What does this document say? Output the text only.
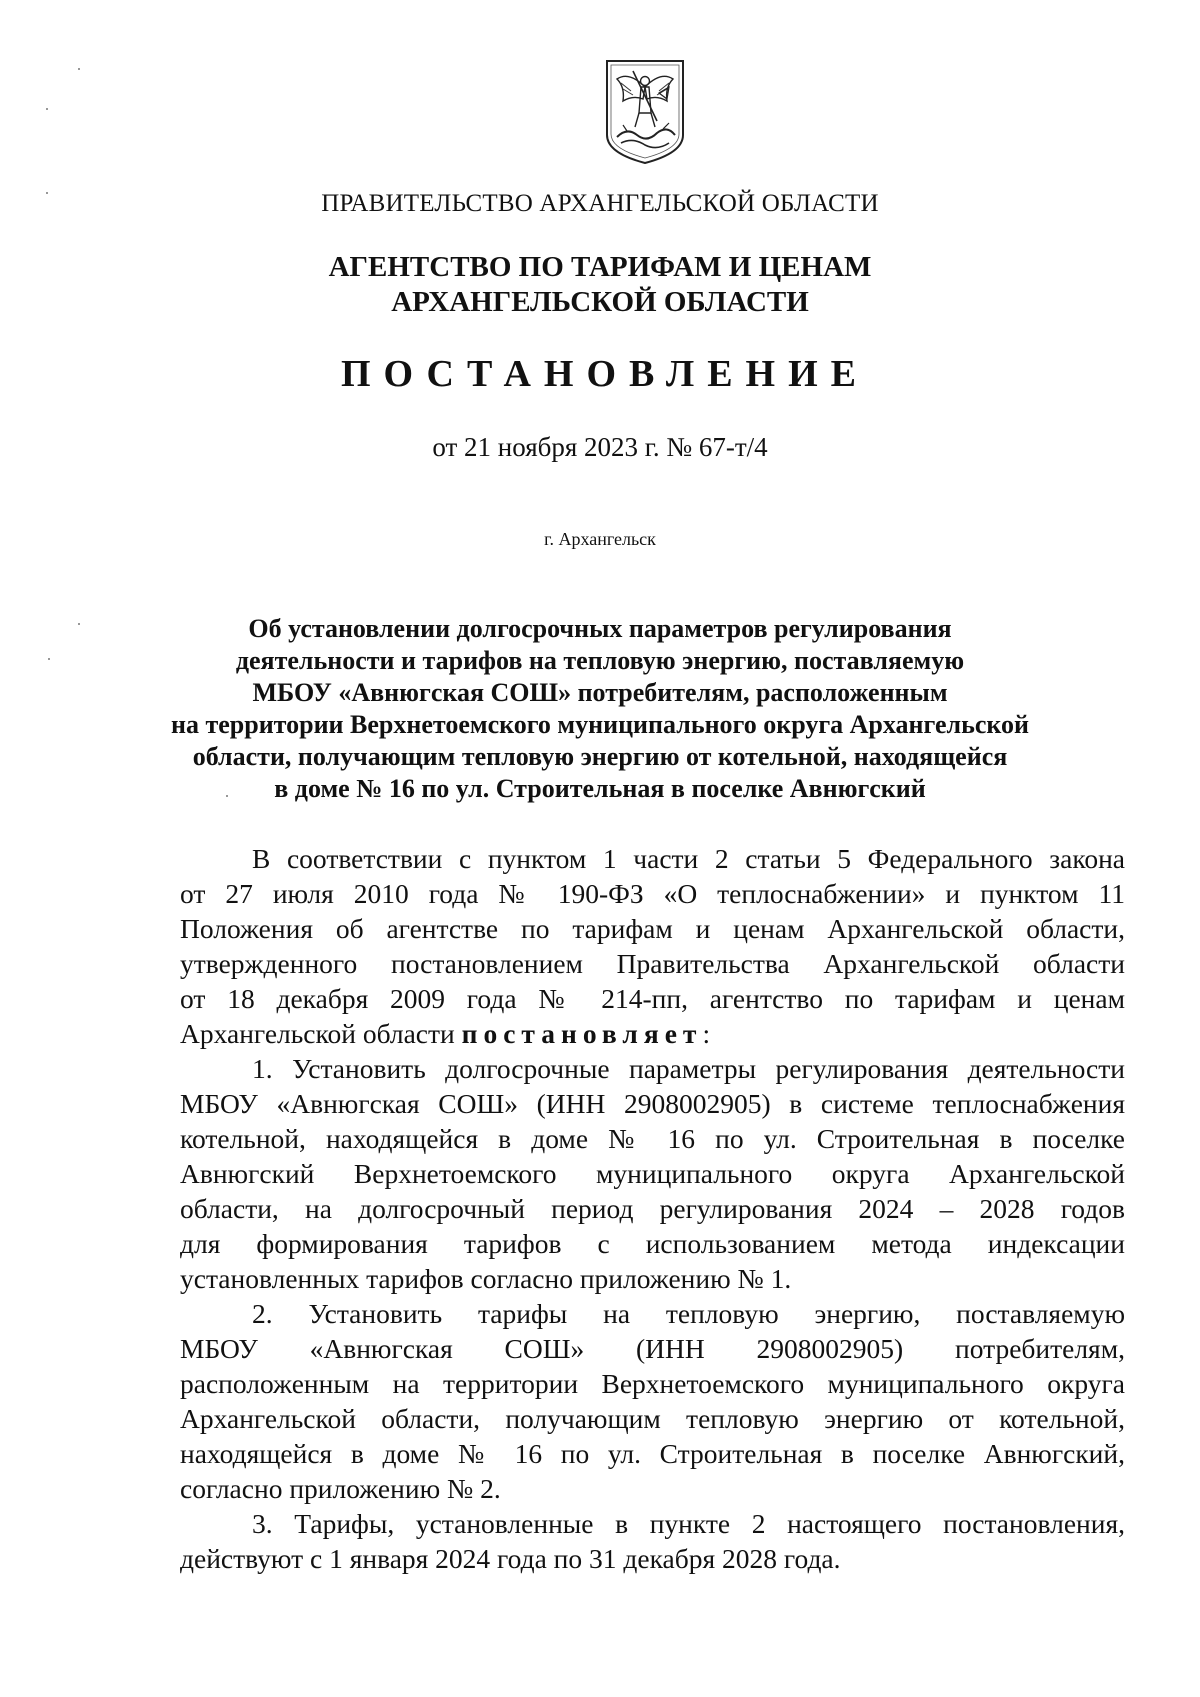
ПРАВИТЕЛЬСТВО АРХАНГЕЛЬСКОЙ ОБЛАСТИ
АГЕНТСТВО ПО ТАРИФАМ И ЦЕНАМ
АРХАНГЕЛЬСКОЙ ОБЛАСТИ
ПОСТАНОВЛЕНИЕ
от 21 ноября 2023 г. № 67-т/4
г. Архангельск
Об установлении долгосрочных параметров регулирования
деятельности и тарифов на тепловую энергию, поставляемую
МБОУ «Авнюгская СОШ» потребителям, расположенным
на территории Верхнетоемского муниципального округа Архангельской
области, получающим тепловую энергию от котельной, находящейся
в доме № 16 по ул. Строительная в поселке Авнюгский
В соответствии с пунктом 1 части 2 статьи 5 Федерального закона
от 27 июля 2010 года № 190-ФЗ «О теплоснабжении» и пунктом 11
Положения об агентстве по тарифам и ценам Архангельской области,
утвержденного постановлением Правительства Архангельской области
от 18 декабря 2009 года № 214-пп, агентство по тарифам и ценам
Архангельской области постановляет:
1. Установить долгосрочные параметры регулирования деятельности
МБОУ «Авнюгская СОШ» (ИНН 2908002905) в системе теплоснабжения
котельной, находящейся в доме № 16 по ул. Строительная в поселке
Авнюгский Верхнетоемского муниципального округа Архангельской
области, на долгосрочный период регулирования 2024 – 2028 годов
для формирования тарифов с использованием метода индексации
установленных тарифов согласно приложению № 1.
2. Установить тарифы на тепловую энергию, поставляемую
МБОУ «Авнюгская СОШ» (ИНН 2908002905) потребителям,
расположенным на территории Верхнетоемского муниципального округа
Архангельской области, получающим тепловую энергию от котельной,
находящейся в доме № 16 по ул. Строительная в поселке Авнюгский,
согласно приложению № 2.
3. Тарифы, установленные в пункте 2 настоящего постановления,
действуют с 1 января 2024 года по 31 декабря 2028 года.
